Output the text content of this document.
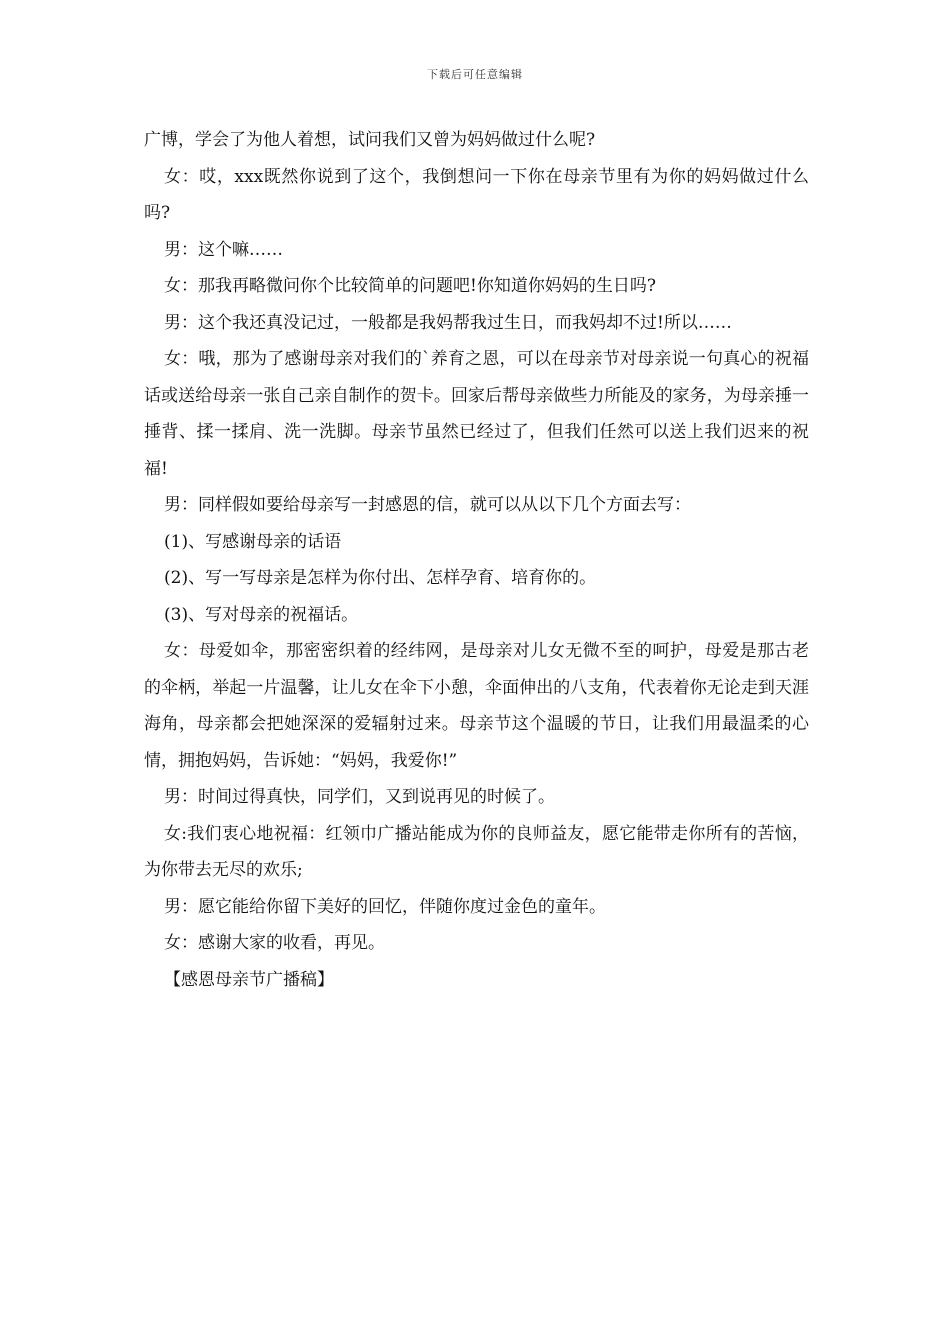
下载后可任意编辑

广博，学会了为他人着想，试问我们又曾为妈妈做过什么呢?

女：哎，xxx既然你说到了这个，我倒想问一下你在母亲节里有为你的妈妈做过什么吗?

男：这个嘛……

女：那我再略微问你个比较简单的问题吧!你知道你妈妈的生日吗?

男：这个我还真没记过，一般都是我妈帮我过生日，而我妈却不过!所以……

女：哦，那为了感谢母亲对我们的`养育之恩，可以在母亲节对母亲说一句真心的祝福话或送给母亲一张自己亲自制作的贺卡。回家后帮母亲做些力所能及的家务，为母亲捶一捶背、揉一揉肩、洗一洗脚。母亲节虽然已经过了，但我们任然可以送上我们迟来的祝福!

男：同样假如要给母亲写一封感恩的信，就可以从以下几个方面去写：

(1)、写感谢母亲的话语

(2)、写一写母亲是怎样为你付出、怎样孕育、培育你的。

(3)、写对母亲的祝福话。

女：母爱如伞，那密密织着的经纬网，是母亲对儿女无微不至的呵护，母爱是那古老的伞柄，举起一片温馨，让儿女在伞下小憩，伞面伸出的八支角，代表着你无论走到天涯海角，母亲都会把她深深的爱辐射过来。母亲节这个温暖的节日，让我们用最温柔的心情，拥抱妈妈，告诉她：“妈妈，我爱你!”

男：时间过得真快，同学们，又到说再见的时候了。

女:我们衷心地祝福：红领巾广播站能成为你的良师益友，愿它能带走你所有的苦恼，为你带去无尽的欢乐;

男：愿它能给你留下美好的回忆，伴随你度过金色的童年。

女：感谢大家的收看，再见。

【感恩母亲节广播稿】
